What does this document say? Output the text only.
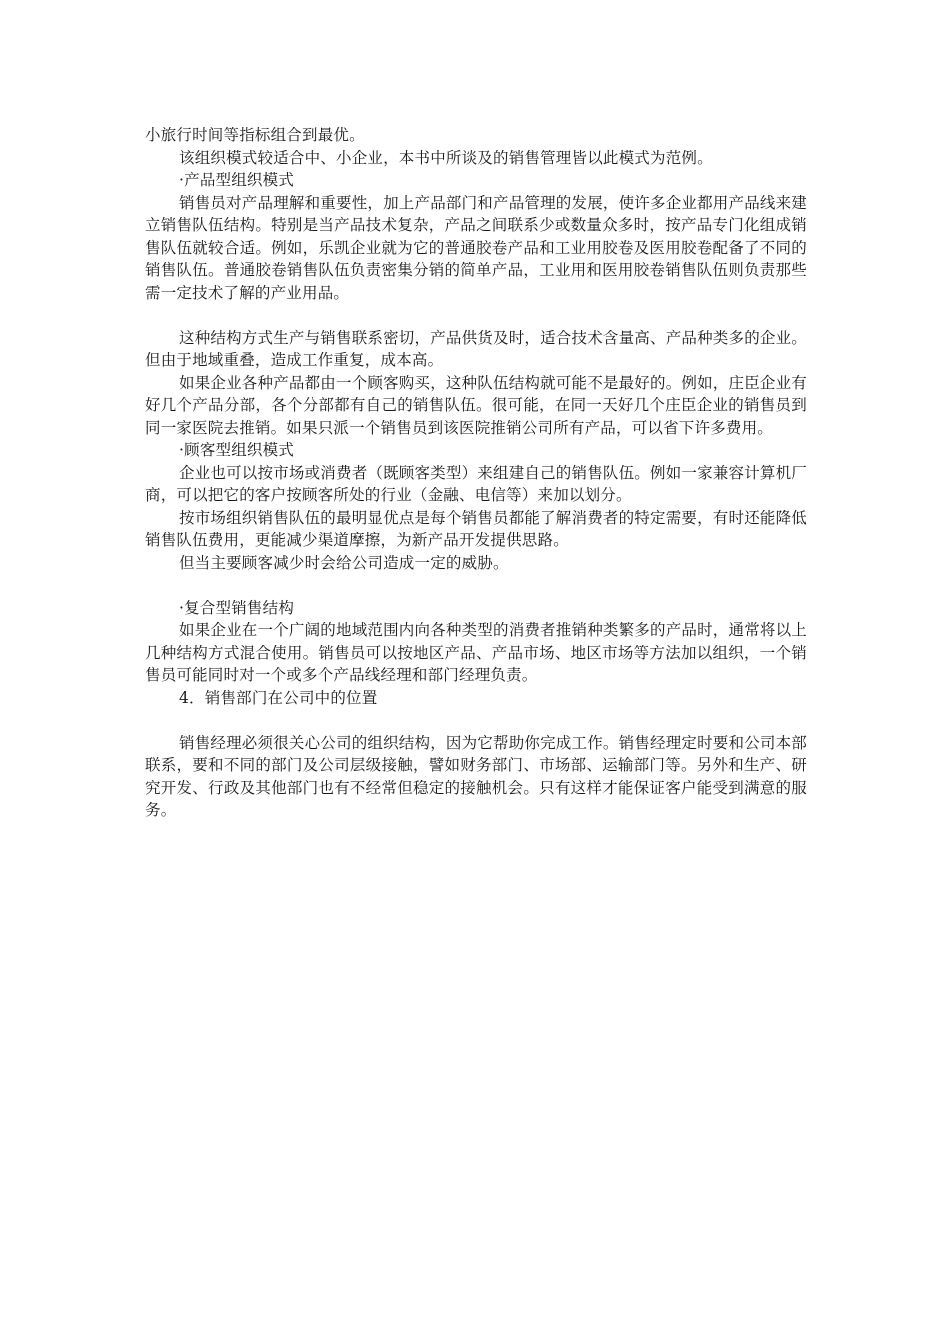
小旅行时间等指标组合到最优。

该组织模式较适合中、小企业，本书中所谈及的销售管理皆以此模式为范例。

·产品型组织模式

销售员对产品理解和重要性，加上产品部门和产品管理的发展，使许多企业都用产品线来建立销售队伍结构。特别是当产品技术复杂，产品之间联系少或数量众多时，按产品专门化组成销售队伍就较合适。例如，乐凯企业就为它的普通胶卷产品和工业用胶卷及医用胶卷配备了不同的销售队伍。普通胶卷销售队伍负责密集分销的简单产品，工业用和医用胶卷销售队伍则负责那些需一定技术了解的产业用品。

这种结构方式生产与销售联系密切，产品供货及时，适合技术含量高、产品种类多的企业。但由于地域重叠，造成工作重复，成本高。

如果企业各种产品都由一个顾客购买，这种队伍结构就可能不是最好的。例如，庄臣企业有好几个产品分部，各个分部都有自己的销售队伍。很可能，在同一天好几个庄臣企业的销售员到同一家医院去推销。如果只派一个销售员到该医院推销公司所有产品，可以省下许多费用。

·顾客型组织模式

企业也可以按市场或消费者（既顾客类型）来组建自己的销售队伍。例如一家兼容计算机厂商，可以把它的客户按顾客所处的行业（金融、电信等）来加以划分。

按市场组织销售队伍的最明显优点是每个销售员都能了解消费者的特定需要，有时还能降低销售队伍费用，更能减少渠道摩擦，为新产品开发提供思路。

但当主要顾客减少时会给公司造成一定的威胁。

·复合型销售结构

如果企业在一个广阔的地域范围内向各种类型的消费者推销种类繁多的产品时，通常将以上几种结构方式混合使用。销售员可以按地区产品、产品市场、地区市场等方法加以组织，一个销售员可能同时对一个或多个产品线经理和部门经理负责。

4．销售部门在公司中的位置

销售经理必须很关心公司的组织结构，因为它帮助你完成工作。销售经理定时要和公司本部联系，要和不同的部门及公司层级接触，譬如财务部门、市场部、运输部门等。另外和生产、研究开发、行政及其他部门也有不经常但稳定的接触机会。只有这样才能保证客户能受到满意的服务。
